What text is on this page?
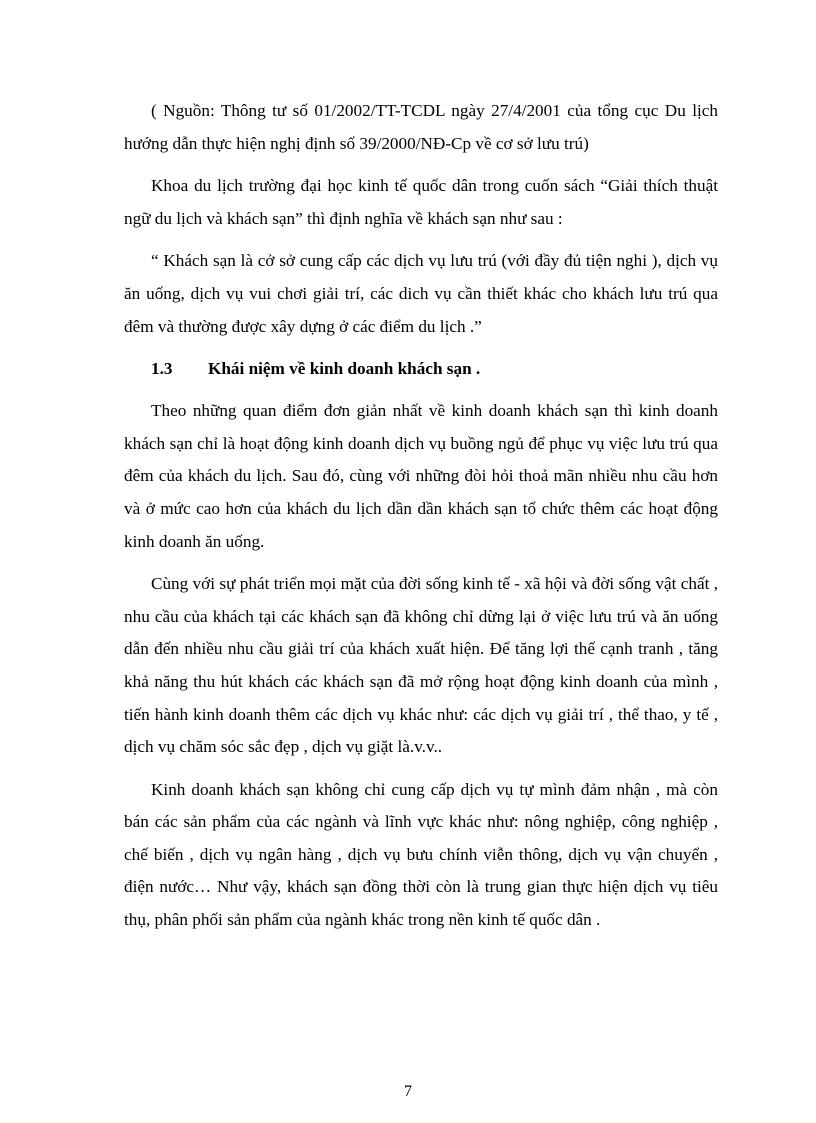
( Nguồn: Thông tư số 01/2002/TT-TCDL ngày 27/4/2001 của tổng cục Du lịch hướng dẫn thực hiện nghị định số 39/2000/NĐ-Cp về cơ sở lưu trú)

Khoa du lịch trường đại học kinh tế quốc dân trong cuốn sách “Giải thích thuật ngữ du lịch và khách sạn” thì định nghĩa về khách sạn như sau :

“ Khách sạn là cở sở cung cấp các dịch vụ lưu trú (với đầy đủ tiện nghi ), dịch vụ ăn uống, dịch vụ vui chơi giải trí, các dich vụ cần thiết khác cho khách lưu trú qua đêm và thường được xây dựng ở các điểm du lịch .”

1.3 Khái niệm về kinh doanh khách sạn .

Theo những quan điểm đơn giản nhất về kinh doanh khách sạn thì kinh doanh khách sạn chỉ là hoạt động kinh doanh dịch vụ buồng ngủ để phục vụ việc lưu trú qua đêm của khách du lịch. Sau đó, cùng với những đòi hỏi thoả mãn nhiều nhu cầu hơn và ở mức cao hơn của khách du lịch dần dần khách sạn tổ chức thêm các hoạt động kinh doanh ăn uống.

Cùng với sự phát triển mọi mặt của đời sống kinh tế - xã hội và đời sống vật chất , nhu cầu của khách tại các khách sạn đã không chỉ dừng lại ở việc lưu trú và ăn uống dẫn đến nhiều nhu cầu giải trí của khách xuất hiện. Để tăng lợi thế cạnh tranh , tăng khả năng thu hút khách các khách sạn đã mở rộng hoạt động kinh doanh của mình , tiến hành kinh doanh thêm các dịch vụ khác như: các dịch vụ giải trí , thể thao, y tế , dịch vụ chăm sóc sắc đẹp , dịch vụ giặt là.v.v..

Kinh doanh khách sạn không chỉ cung cấp dịch vụ tự mình đảm nhận , mà còn bán các sản phẩm của các ngành và lĩnh vực khác như: nông nghiệp, công nghiệp , chế biến , dịch vụ ngân hàng , dịch vụ bưu chính viễn thông, dịch vụ vận chuyển , điện nước… Như vậy, khách sạn đồng thời còn là trung gian thực hiện dịch vụ tiêu thụ, phân phối sản phẩm của ngành khác trong nền kinh tế quốc dân .

7
